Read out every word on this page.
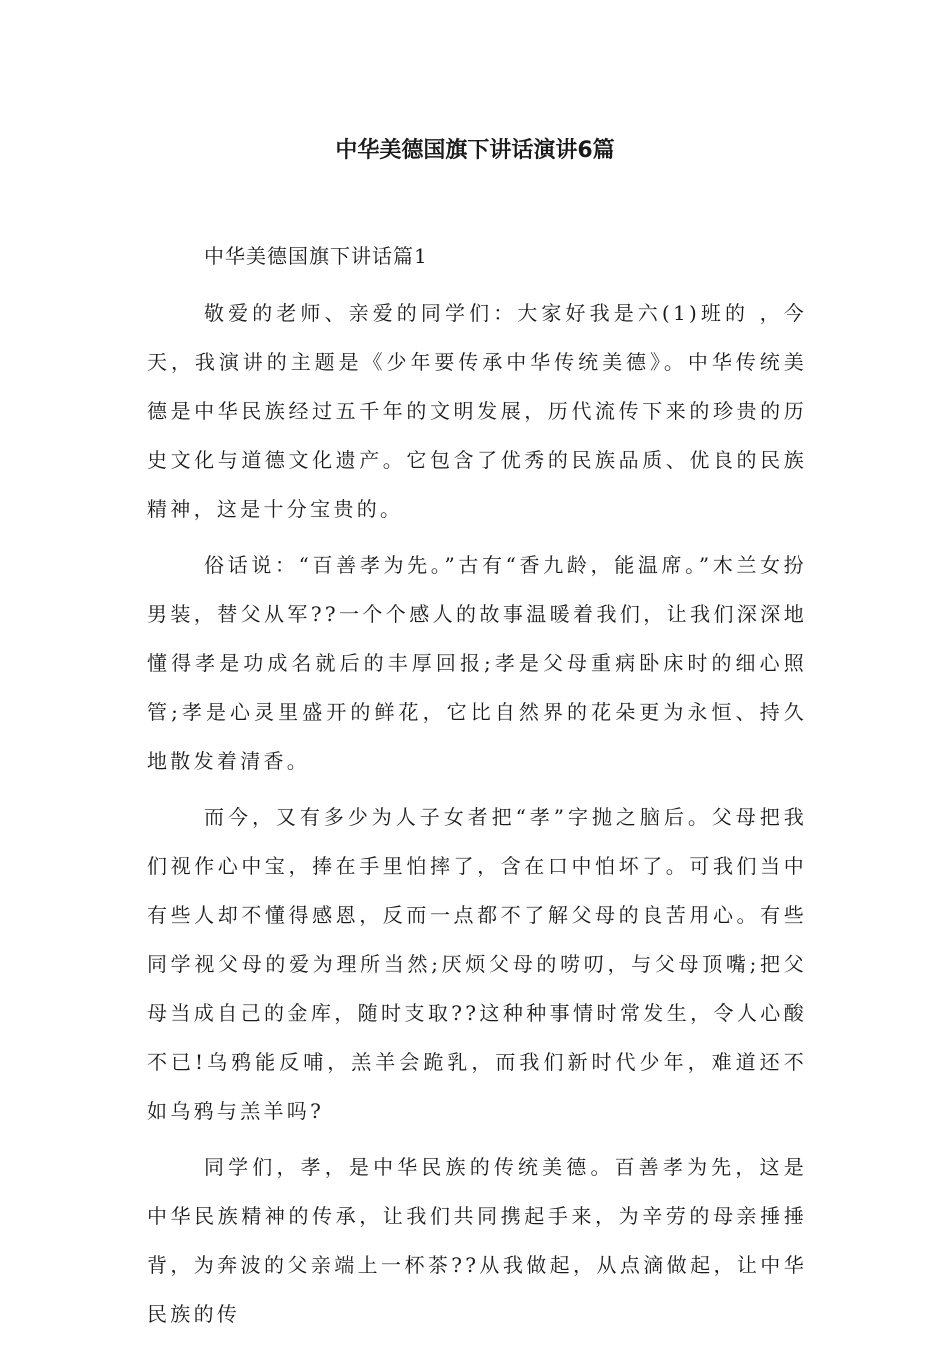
中华美德国旗下讲话演讲6篇

中华美德国旗下讲话篇1

敬爱的老师、亲爱的同学们：大家好我是六(1)班的 ，今天，我演讲的主题是《少年要传承中华传统美德》。中华传统美德是中华民族经过五千年的文明发展，历代流传下来的珍贵的历史文化与道德文化遗产。它包含了优秀的民族品质、优良的民族精神，这是十分宝贵的。

俗话说：“百善孝为先。”古有“香九龄，能温席。”木兰女扮男装，替父从军??一个个感人的故事温暖着我们，让我们深深地懂得孝是功成名就后的丰厚回报;孝是父母重病卧床时的细心照管;孝是心灵里盛开的鲜花，它比自然界的花朵更为永恒、持久地散发着清香。

而今，又有多少为人子女者把“孝”字抛之脑后。父母把我们视作心中宝，捧在手里怕摔了，含在口中怕坏了。可我们当中有些人却不懂得感恩，反而一点都不了解父母的良苦用心。有些同学视父母的爱为理所当然;厌烦父母的唠叨，与父母顶嘴;把父母当成自己的金库，随时支取??这种种事情时常发生，令人心酸不已!乌鸦能反哺，羔羊会跪乳，而我们新时代少年，难道还不如乌鸦与羔羊吗?

同学们，孝，是中华民族的传统美德。百善孝为先，这是中华民族精神的传承，让我们共同携起手来，为辛劳的母亲捶捶背，为奔波的父亲端上一杯茶??从我做起，从点滴做起，让中华民族的传
